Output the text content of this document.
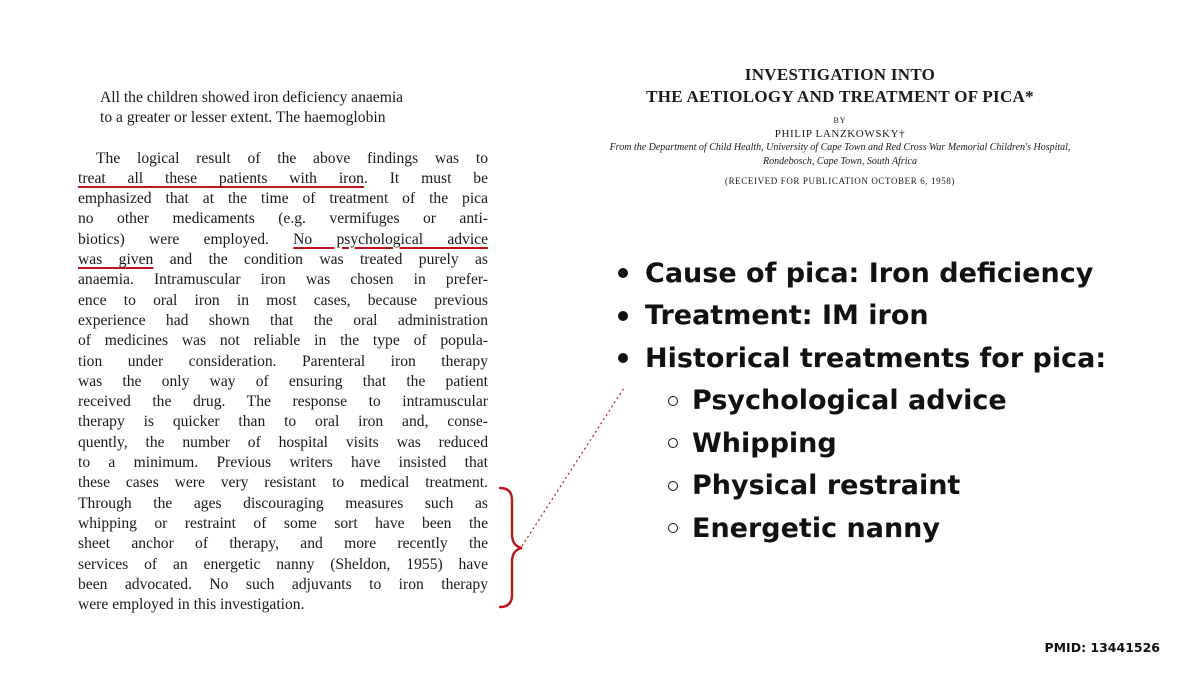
All the children showed iron deficiency anaemia
to a greater or lesser extent. The haemoglobin
The logical result of the above findings was to
treat all these patients with iron. It must be
emphasized that at the time of treatment of the pica
no other medicaments (e.g. vermifuges or anti-
biotics) were employed. No psychological advice
was given and the condition was treated purely as
anaemia. Intramuscular iron was chosen in prefer-
ence to oral iron in most cases, because previous
experience had shown that the oral administration
of medicines was not reliable in the type of popula-
tion under consideration. Parenteral iron therapy
was the only way of ensuring that the patient
received the drug. The response to intramuscular
therapy is quicker than to oral iron and, conse-
quently, the number of hospital visits was reduced
to a minimum. Previous writers have insisted that
these cases were very resistant to medical treatment.
Through the ages discouraging measures such as
whipping or restraint of some sort have been the
sheet anchor of therapy, and more recently the
services of an energetic nanny (Sheldon, 1955) have
been advocated. No such adjuvants to iron therapy
were employed in this investigation.
INVESTIGATION INTO
THE AETIOLOGY AND TREATMENT OF PICA*
BY
PHILIP LANZKOWSKY†
From the Department of Child Health, University of Cape Town and Red Cross War Memorial Children's Hospital,
Rondebosch, Cape Town, South Africa
(RECEIVED FOR PUBLICATION OCTOBER 6, 1958)
Cause of pica: Iron deficiency
Treatment: IM iron
Historical treatments for pica:
Psychological advice
Whipping
Physical restraint
Energetic nanny
PMID: 13441526
